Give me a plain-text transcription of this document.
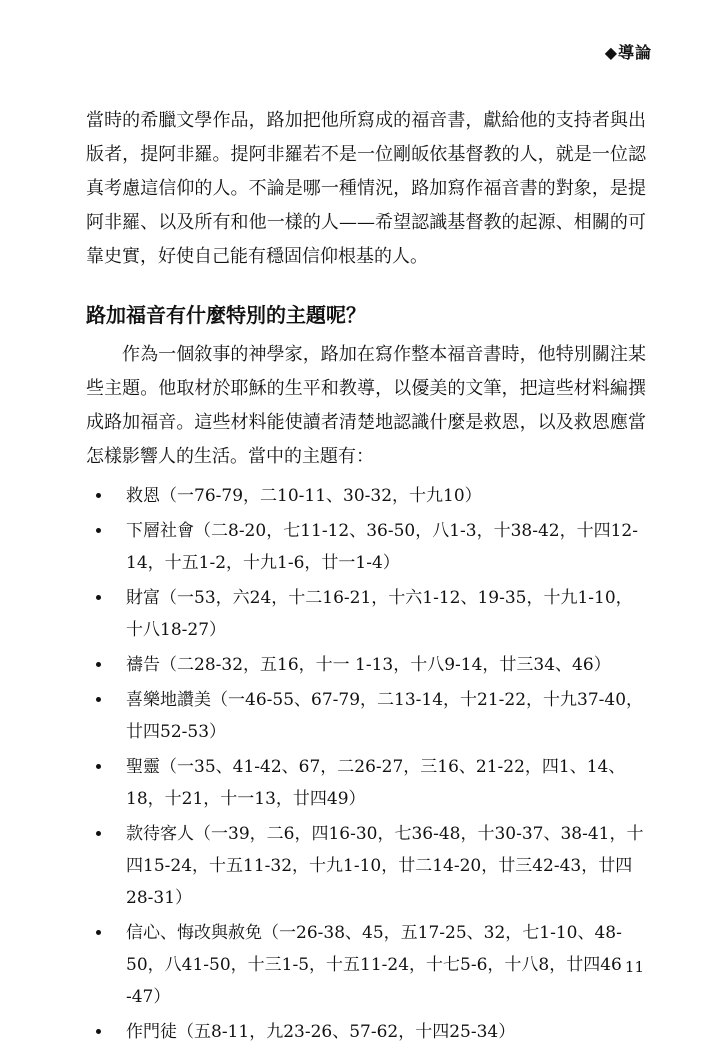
◆導論

當時的希臘文學作品，路加把他所寫成的福音書，獻給他的支持者與出版者，提阿非羅。提阿非羅若不是一位剛皈依基督教的人，就是一位認真考慮這信仰的人。不論是哪一種情況，路加寫作福音書的對象，是提阿非羅、以及所有和他一樣的人——希望認識基督教的起源、相關的可靠史實，好使自己能有穩固信仰根基的人。

路加福音有什麼特別的主題呢？

作為一個敘事的神學家，路加在寫作整本福音書時，他特別關注某些主題。他取材於耶穌的生平和教導，以優美的文筆，把這些材料編撰成路加福音。這些材料能使讀者清楚地認識什麼是救恩，以及救恩應當怎樣影響人的生活。當中的主題有：

救恩（一76-79，二10-11、30-32，十九10）
下層社會（二8-20，七11-12、36-50，八1-3，十38-42，十四12-14，十五1-2，十九1-6，廿一1-4）
財富（一53，六24，十二16-21，十六1-12、19-35，十九1-10，十八18-27）
禱告（二28-32，五16，十一 1-13，十八9-14，廿三34、46）
喜樂地讚美（一46-55、67-79，二13-14，十21-22，十九37-40，廿四52-53）
聖靈（一35、41-42、67，二26-27，三16、21-22，四1、14、18，十21，十一13，廿四49）
款待客人（一39，二6，四16-30，七36-48，十30-37、38-41，十四15-24，十五11-32，十九1-10，廿二14-20，廿三42-43，廿四28-31）
信心、悔改與赦免（一26-38、45，五17-25、32，七1-10、48-50，八41-50，十三1-5，十五11-24，十七5-6，十八8，廿四46 -47）
作門徒（五8-11，九23-26、57-62，十四25-34）
11
